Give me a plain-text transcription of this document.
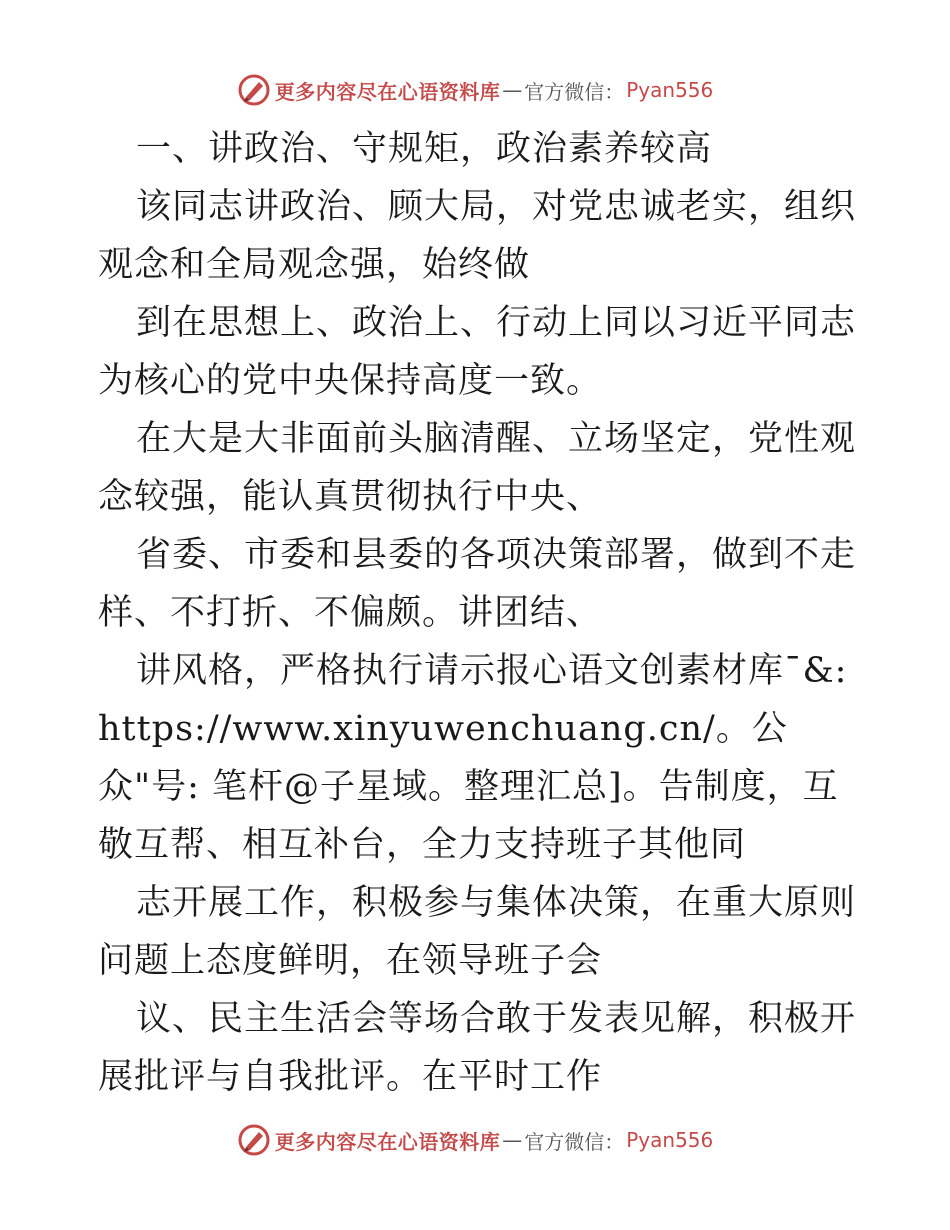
更多内容尽在心语资料库 — 官方微信： Pyan556

一、讲政治、守规矩，政治素养较高

该同志讲政治、顾大局，对党忠诚老实，组织观念和全局观念强，始终做

到在思想上、政治上、行动上同以习近平同志为核心的党中央保持高度一致。

在大是大非面前头脑清醒、立场坚定，党性观念较强，能认真贯彻执行中央、

省委、市委和县委的各项决策部署，做到不走样、不打折、不偏颇。讲团结、

讲风格，严格执行请示报心语文创素材库¯&: https://www.xinyuwenchuang.cn/。公众"号: 笔杆@子星域。整理汇总]。告制度，互敬互帮、相互补台，全力支持班子其他同

志开展工作，积极参与集体决策，在重大原则问题上态度鲜明，在领导班子会

议、民主生活会等场合敢于发表见解，积极开展批评与自我批评。在平时工作

更多内容尽在心语资料库 — 官方微信： Pyan556
